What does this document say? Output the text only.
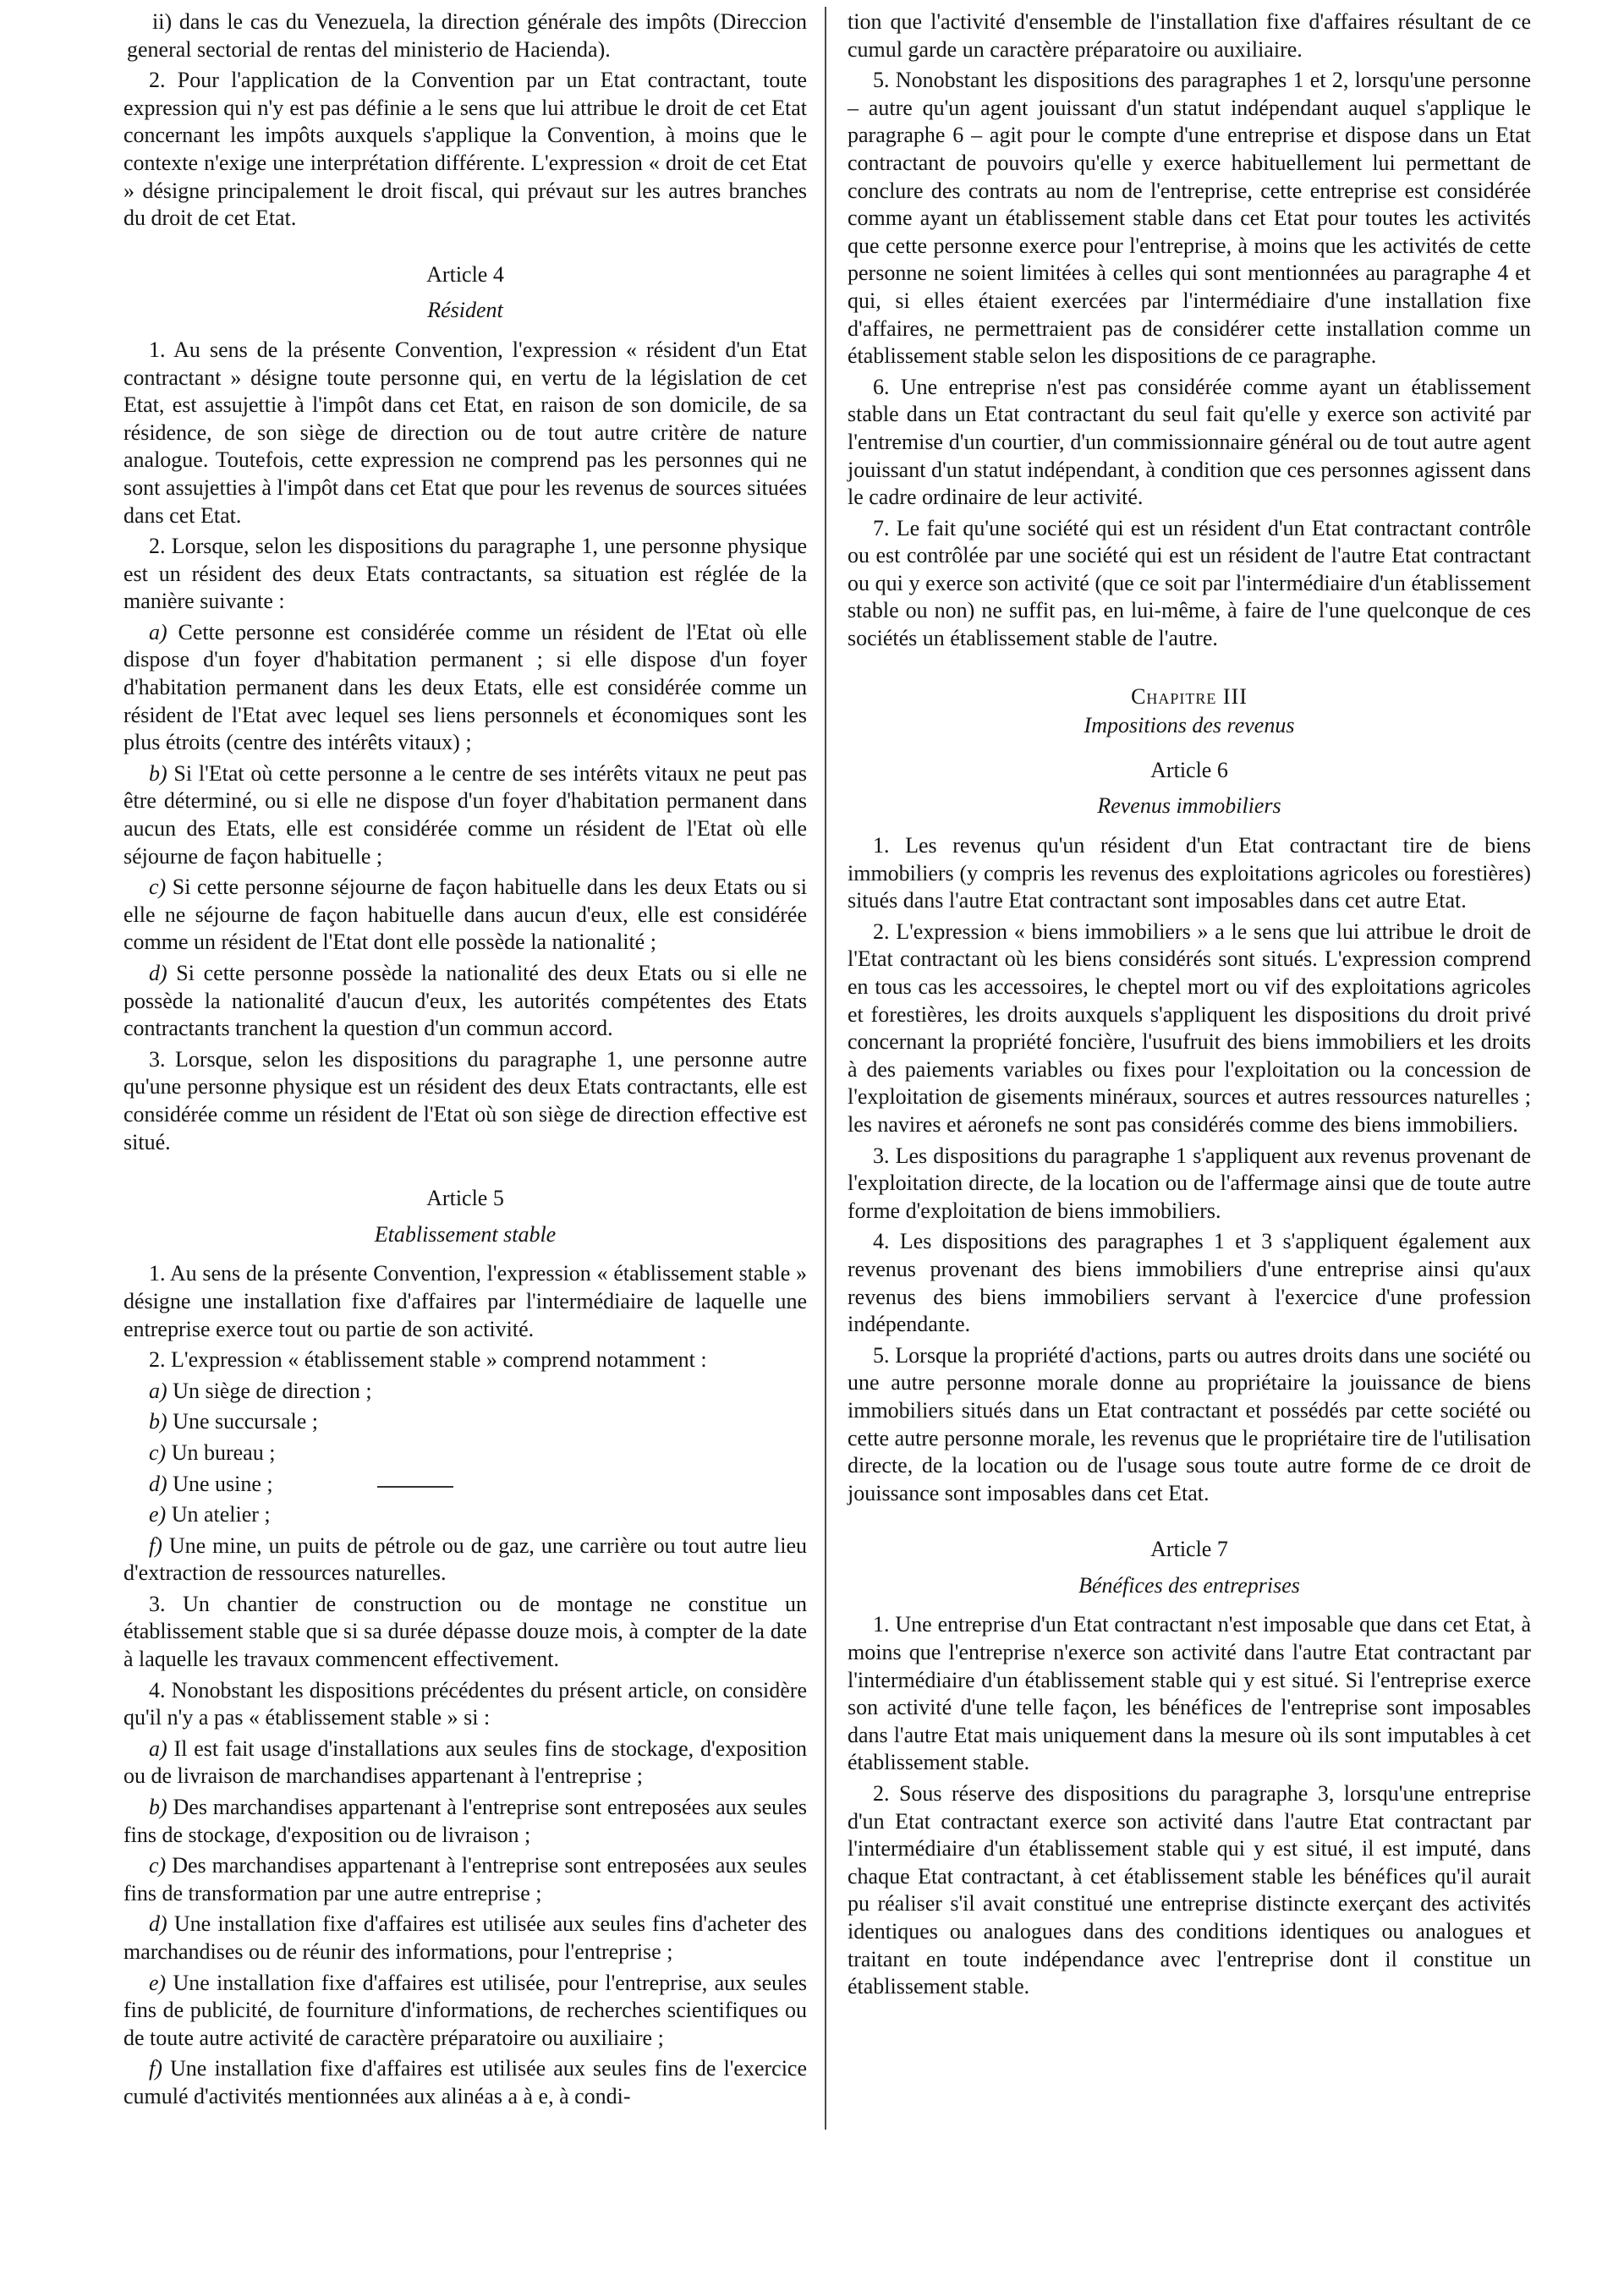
ii) dans le cas du Venezuela, la direction générale des impôts (Direccion general sectorial de rentas del ministerio de Hacienda).

2. Pour l'application de la Convention par un Etat contractant, toute expression qui n'y est pas définie a le sens que lui attribue le droit de cet Etat concernant les impôts auxquels s'applique la Convention, à moins que le contexte n'exige une interprétation différente. L'expression « droit de cet Etat » désigne principalement le droit fiscal, qui prévaut sur les autres branches du droit de cet Etat.

Article 4

Résident

1. Au sens de la présente Convention, l'expression « résident d'un Etat contractant » désigne toute personne qui, en vertu de la législation de cet Etat, est assujettie à l'impôt dans cet Etat, en raison de son domicile, de sa résidence, de son siège de direction ou de tout autre critère de nature analogue. Toutefois, cette expression ne comprend pas les personnes qui ne sont assujetties à l'impôt dans cet Etat que pour les revenus de sources situées dans cet Etat.

2. Lorsque, selon les dispositions du paragraphe 1, une personne physique est un résident des deux Etats contractants, sa situation est réglée de la manière suivante :

a) Cette personne est considérée comme un résident de l'Etat où elle dispose d'un foyer d'habitation permanent ; si elle dispose d'un foyer d'habitation permanent dans les deux Etats, elle est considérée comme un résident de l'Etat avec lequel ses liens personnels et économiques sont les plus étroits (centre des intérêts vitaux) ;

b) Si l'Etat où cette personne a le centre de ses intérêts vitaux ne peut pas être déterminé, ou si elle ne dispose d'un foyer d'habitation permanent dans aucun des Etats, elle est considérée comme un résident de l'Etat où elle séjourne de façon habituelle ;

c) Si cette personne séjourne de façon habituelle dans les deux Etats ou si elle ne séjourne de façon habituelle dans aucun d'eux, elle est considérée comme un résident de l'Etat dont elle possède la nationalité ;

d) Si cette personne possède la nationalité des deux Etats ou si elle ne possède la nationalité d'aucun d'eux, les autorités compétentes des Etats contractants tranchent la question d'un commun accord.

3. Lorsque, selon les dispositions du paragraphe 1, une personne autre qu'une personne physique est un résident des deux Etats contractants, elle est considérée comme un résident de l'Etat où son siège de direction effective est situé.

Article 5

Etablissement stable

1. Au sens de la présente Convention, l'expression « établissement stable » désigne une installation fixe d'affaires par l'intermédiaire de laquelle une entreprise exerce tout ou partie de son activité.

2. L'expression « établissement stable » comprend notamment :

a) Un siège de direction ;

b) Une succursale ;

c) Un bureau ;

d) Une usine ;

e) Un atelier ;

f) Une mine, un puits de pétrole ou de gaz, une carrière ou tout autre lieu d'extraction de ressources naturelles.

3. Un chantier de construction ou de montage ne constitue un établissement stable que si sa durée dépasse douze mois, à compter de la date à laquelle les travaux commencent effectivement.

4. Nonobstant les dispositions précédentes du présent article, on considère qu'il n'y a pas « établissement stable » si :

a) Il est fait usage d'installations aux seules fins de stockage, d'exposition ou de livraison de marchandises appartenant à l'entreprise ;

b) Des marchandises appartenant à l'entreprise sont entreposées aux seules fins de stockage, d'exposition ou de livraison ;

c) Des marchandises appartenant à l'entreprise sont entreposées aux seules fins de transformation par une autre entreprise ;

d) Une installation fixe d'affaires est utilisée aux seules fins d'acheter des marchandises ou de réunir des informations, pour l'entreprise ;

e) Une installation fixe d'affaires est utilisée, pour l'entreprise, aux seules fins de publicité, de fourniture d'informations, de recherches scientifiques ou de toute autre activité de caractère préparatoire ou auxiliaire ;

f) Une installation fixe d'affaires est utilisée aux seules fins de l'exercice cumulé d'activités mentionnées aux alinéas a à e, à condi-

tion que l'activité d'ensemble de l'installation fixe d'affaires résultant de ce cumul garde un caractère préparatoire ou auxiliaire.

5. Nonobstant les dispositions des paragraphes 1 et 2, lorsqu'une personne – autre qu'un agent jouissant d'un statut indépendant auquel s'applique le paragraphe 6 – agit pour le compte d'une entreprise et dispose dans un Etat contractant de pouvoirs qu'elle y exerce habituellement lui permettant de conclure des contrats au nom de l'entreprise, cette entreprise est considérée comme ayant un établissement stable dans cet Etat pour toutes les activités que cette personne exerce pour l'entreprise, à moins que les activités de cette personne ne soient limitées à celles qui sont mentionnées au paragraphe 4 et qui, si elles étaient exercées par l'intermédiaire d'une installation fixe d'affaires, ne permettraient pas de considérer cette installation comme un établissement stable selon les dispositions de ce paragraphe.

6. Une entreprise n'est pas considérée comme ayant un établissement stable dans un Etat contractant du seul fait qu'elle y exerce son activité par l'entremise d'un courtier, d'un commissionnaire général ou de tout autre agent jouissant d'un statut indépendant, à condition que ces personnes agissent dans le cadre ordinaire de leur activité.

7. Le fait qu'une société qui est un résident d'un Etat contractant contrôle ou est contrôlée par une société qui est un résident de l'autre Etat contractant ou qui y exerce son activité (que ce soit par l'intermédiaire d'un établissement stable ou non) ne suffit pas, en lui-même, à faire de l'une quelconque de ces sociétés un établissement stable de l'autre.

Chapitre III

Impositions des revenus

Article 6

Revenus immobiliers

1. Les revenus qu'un résident d'un Etat contractant tire de biens immobiliers (y compris les revenus des exploitations agricoles ou forestières) situés dans l'autre Etat contractant sont imposables dans cet autre Etat.

2. L'expression « biens immobiliers » a le sens que lui attribue le droit de l'Etat contractant où les biens considérés sont situés. L'expression comprend en tous cas les accessoires, le cheptel mort ou vif des exploitations agricoles et forestières, les droits auxquels s'appliquent les dispositions du droit privé concernant la propriété foncière, l'usufruit des biens immobiliers et les droits à des paiements variables ou fixes pour l'exploitation ou la concession de l'exploitation de gisements minéraux, sources et autres ressources naturelles ; les navires et aéronefs ne sont pas considérés comme des biens immobiliers.

3. Les dispositions du paragraphe 1 s'appliquent aux revenus provenant de l'exploitation directe, de la location ou de l'affermage ainsi que de toute autre forme d'exploitation de biens immobiliers.

4. Les dispositions des paragraphes 1 et 3 s'appliquent également aux revenus provenant des biens immobiliers d'une entreprise ainsi qu'aux revenus des biens immobiliers servant à l'exercice d'une profession indépendante.

5. Lorsque la propriété d'actions, parts ou autres droits dans une société ou une autre personne morale donne au propriétaire la jouissance de biens immobiliers situés dans un Etat contractant et possédés par cette société ou cette autre personne morale, les revenus que le propriétaire tire de l'utilisation directe, de la location ou de l'usage sous toute autre forme de ce droit de jouissance sont imposables dans cet Etat.

Article 7

Bénéfices des entreprises

1. Une entreprise d'un Etat contractant n'est imposable que dans cet Etat, à moins que l'entreprise n'exerce son activité dans l'autre Etat contractant par l'intermédiaire d'un établissement stable qui y est situé. Si l'entreprise exerce son activité d'une telle façon, les bénéfices de l'entreprise sont imposables dans l'autre Etat mais uniquement dans la mesure où ils sont imputables à cet établissement stable.

2. Sous réserve des dispositions du paragraphe 3, lorsqu'une entreprise d'un Etat contractant exerce son activité dans l'autre Etat contractant par l'intermédiaire d'un établissement stable qui y est situé, il est imputé, dans chaque Etat contractant, à cet établissement stable les bénéfices qu'il aurait pu réaliser s'il avait constitué une entreprise distincte exerçant des activités identiques ou analogues dans des conditions identiques ou analogues et traitant en toute indépendance avec l'entreprise dont il constitue un établissement stable.
